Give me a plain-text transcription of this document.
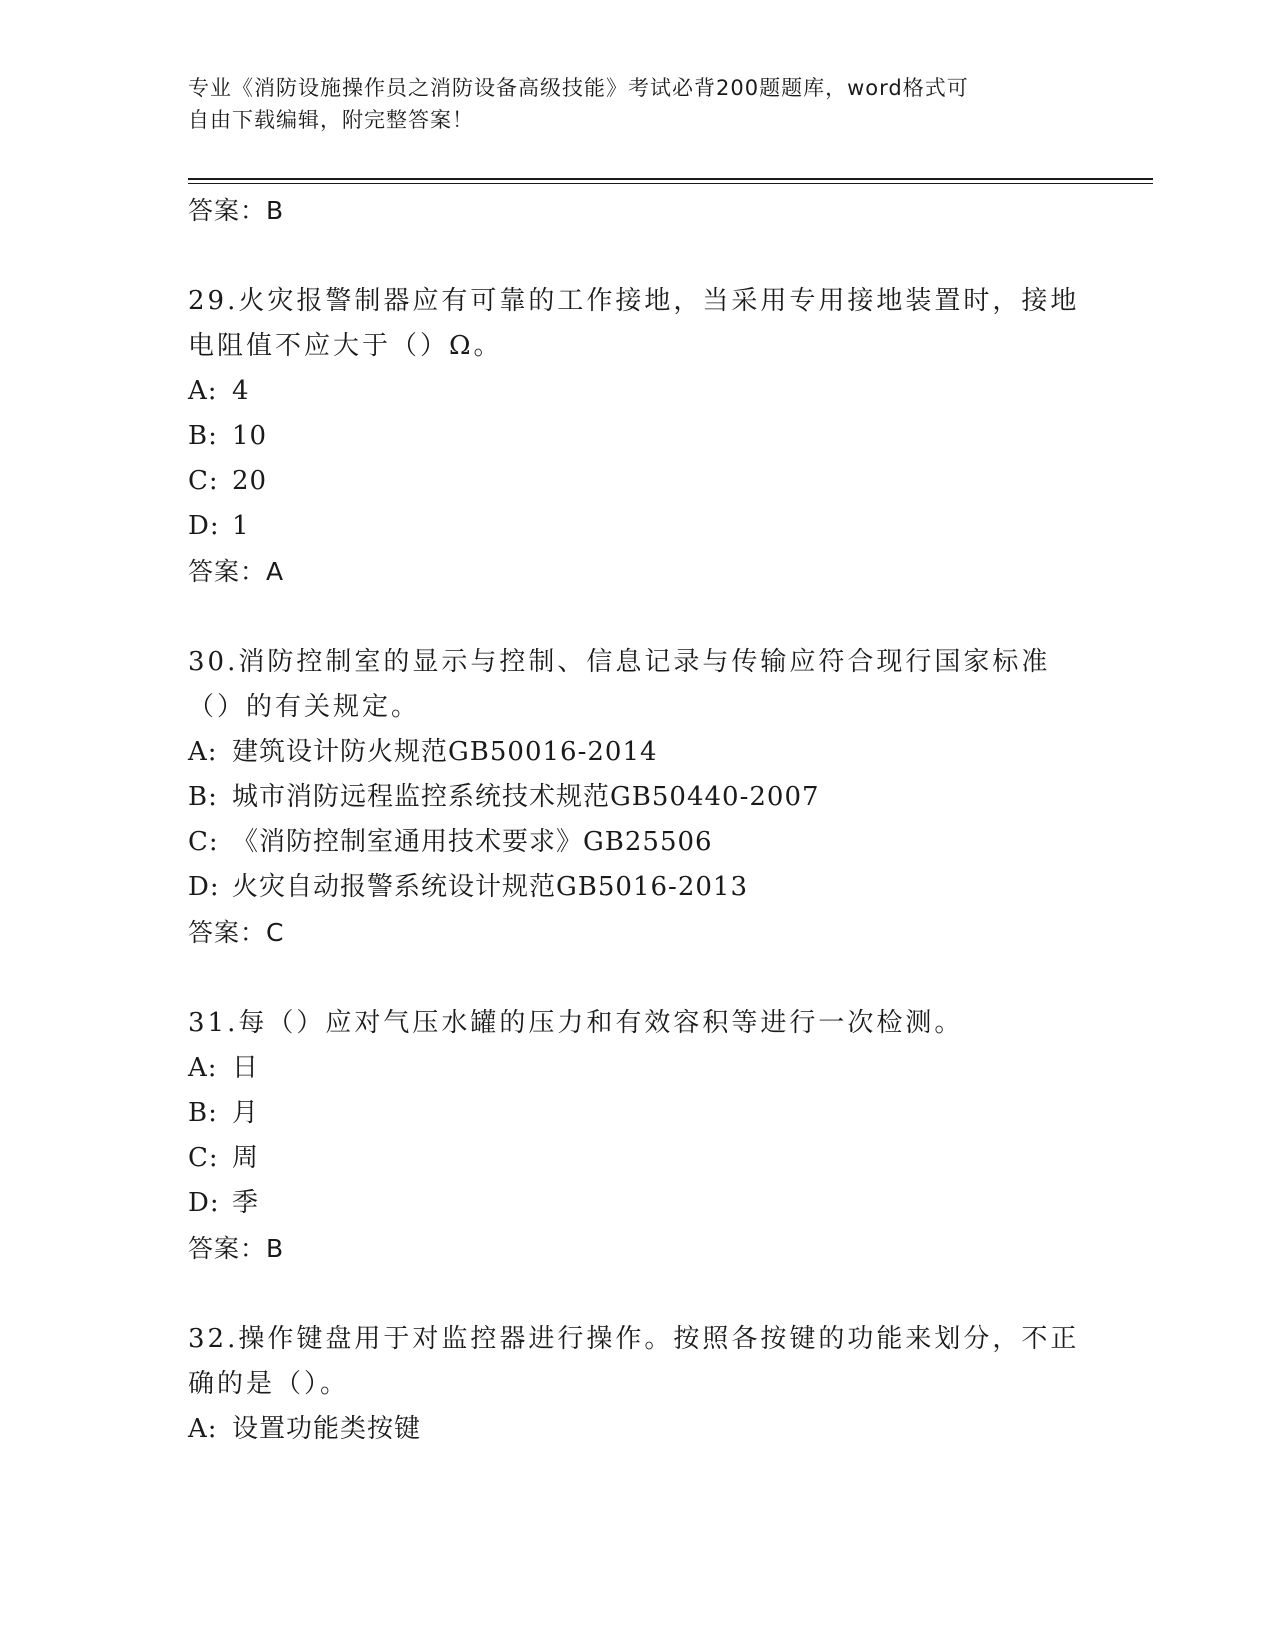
专业《消防设施操作员之消防设备高级技能》考试必背200题题库，word格式可
自由下载编辑，附完整答案！
答案：B
29.火灾报警制器应有可靠的工作接地，当采用专用接地装置时，接地电阻值不应大于（）Ω。
A: 4
B: 10
C: 20
D: 1
答案：A
30.消防控制室的显示与控制、信息记录与传输应符合现行国家标准（）的有关规定。
A: 建筑设计防火规范GB50016-2014
B: 城市消防远程监控系统技术规范GB50440-2007
C: 《消防控制室通用技术要求》GB25506
D: 火灾自动报警系统设计规范GB5016-2013
答案：C
31.每（）应对气压水罐的压力和有效容积等进行一次检测。
A: 日
B: 月
C: 周
D: 季
答案：B
32.操作键盘用于对监控器进行操作。按照各按键的功能来划分，不正确的是（）。
A: 设置功能类按键
